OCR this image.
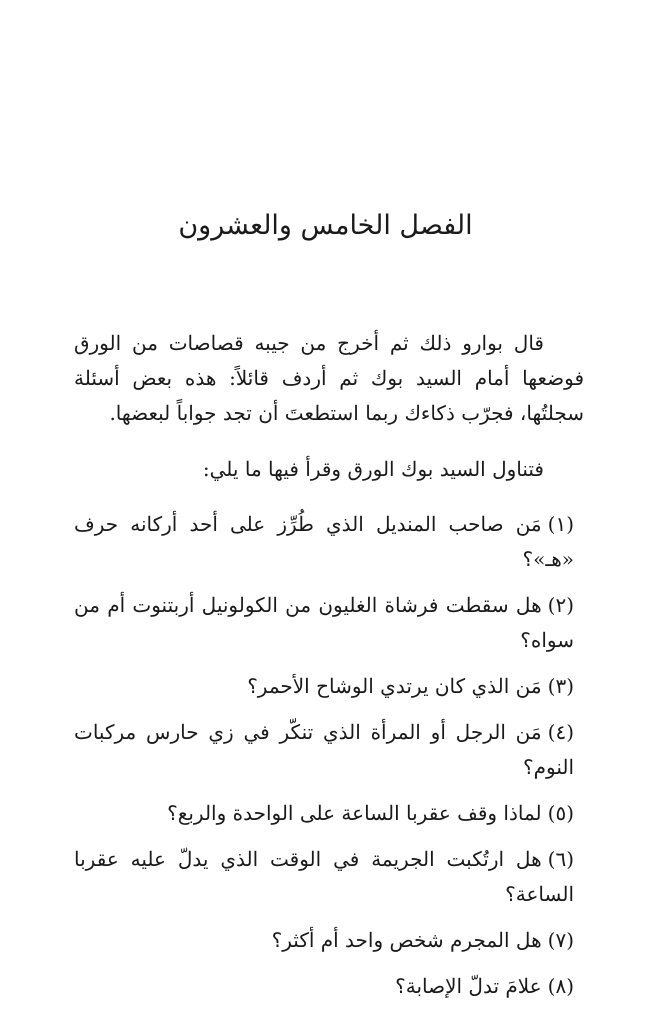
الفصل الخامس والعشرون

قال بوارو ذلك ثم أخرج من جيبه قصاصات من الورق فوضعها أمام السيد بوك ثم أردف قائلاً: هذه بعض أسئلة سجلتُها، فجرّب ذكاءك ربما استطعتَ أن تجد جواباً لبعضها.

فتناول السيد بوك الورق وقرأ فيها ما يلي:

(١)مَن صاحب المنديل الذي طُرِّز على أحد أركانه حرف «هـ»؟
(٢)هل سقطت فرشاة الغليون من الكولونيل أربتنوت أم من سواه؟
(٣)مَن الذي كان يرتدي الوشاح الأحمر؟
(٤)مَن الرجل أو المرأة الذي تنكّر في زي حارس مركبات النوم؟
(٥)لماذا وقف عقربا الساعة على الواحدة والربع؟
(٦)هل ارتُكبت الجريمة في الوقت الذي يدلّ عليه عقربا الساعة؟
(٧)هل المجرم شخص واحد أم أكثر؟
(٨)علامَ تدلّ الإصابة؟
